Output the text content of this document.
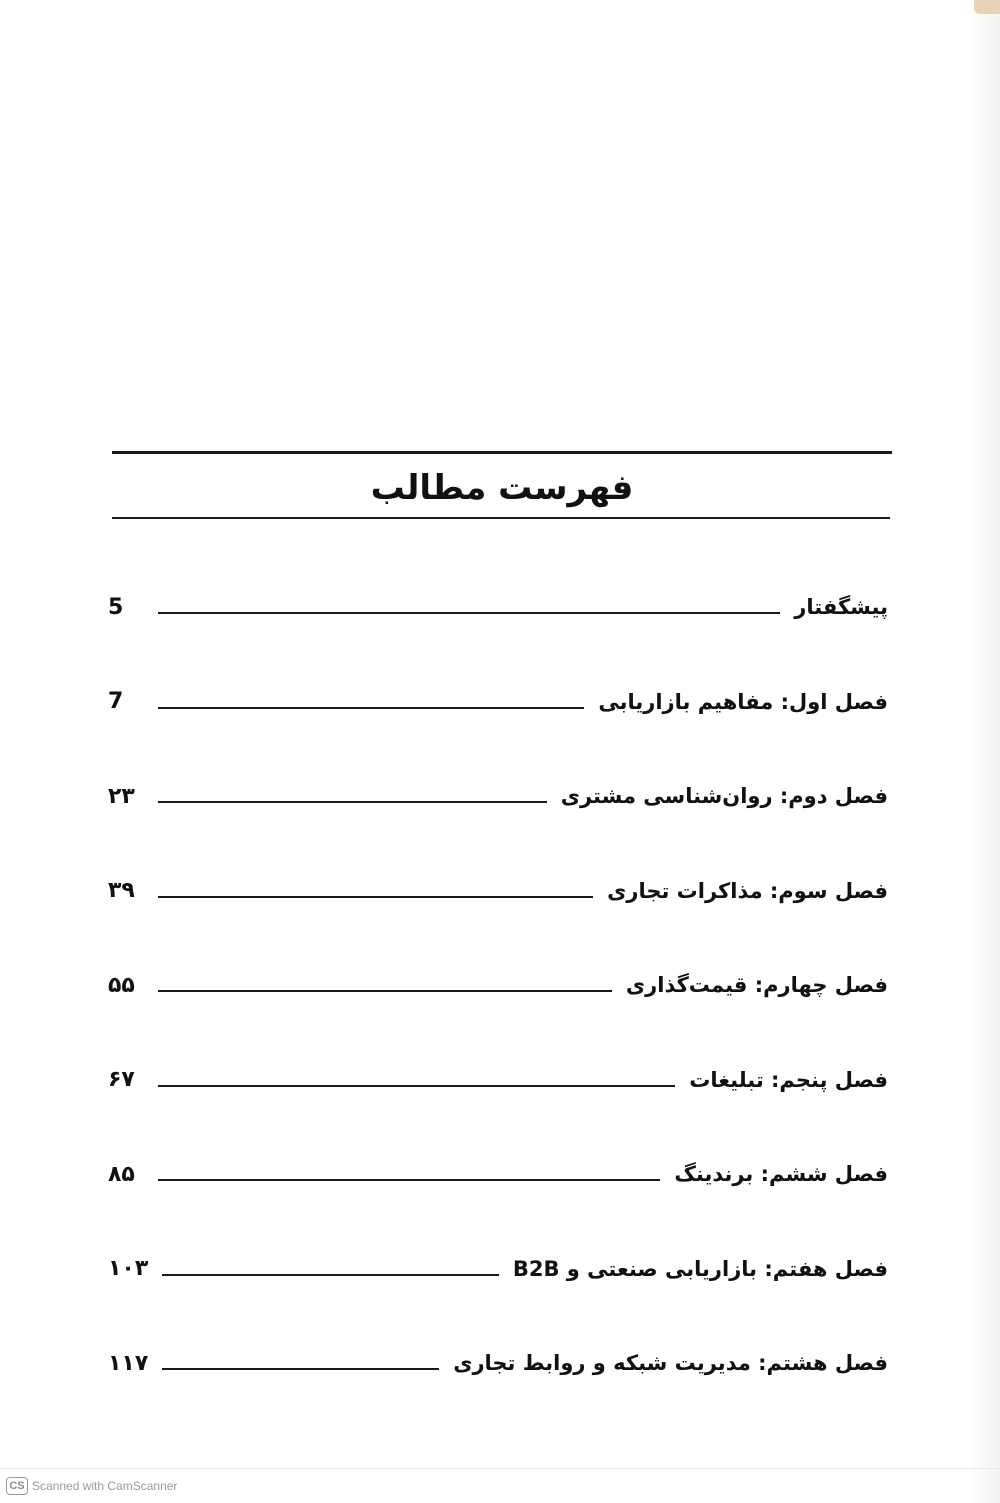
فهرست مطالب
پیشگفتار
5
فصل اول: مفاهیم بازاریابی
7
فصل دوم: روان‌شناسی مشتری
۲۳
فصل سوم: مذاکرات تجاری
۳۹
فصل چهارم: قیمت‌گذاری
۵۵
فصل پنجم: تبلیغات
۶۷
فصل ششم: برندینگ
۸۵
فصل هفتم: بازاریابی صنعتی و B2B
۱۰۳
فصل هشتم: مدیریت شبکه و روابط تجاری
۱۱۷
CS Scanned with CamScanner
